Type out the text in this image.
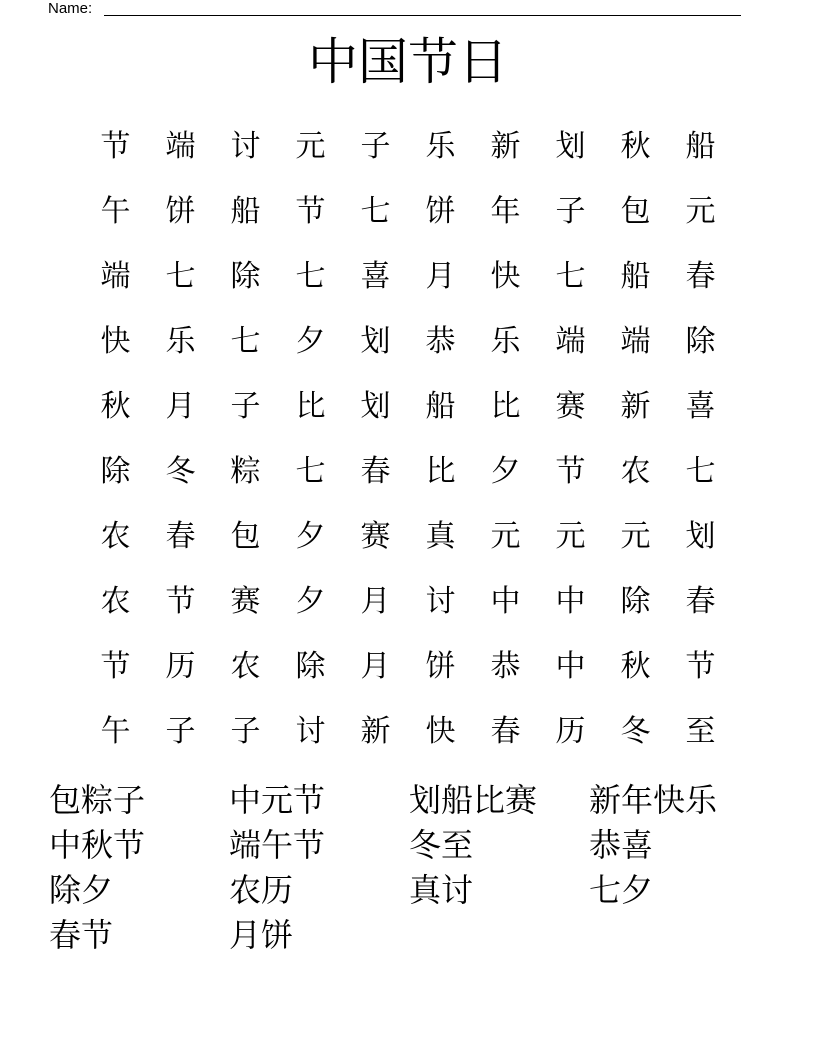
Name:
中国节日
节	端	讨	元	子	乐	新	划	秋	船
午	饼	船	节	七	饼	年	子	包	元
端	七	除	七	喜	月	快	七	船	春
快	乐	七	夕	划	恭	乐	端	端	除
秋	月	子	比	划	船	比	赛	新	喜
除	冬	粽	七	春	比	夕	节	农	七
农	春	包	夕	赛	真	元	元	元	划
农	节	赛	夕	月	讨	中	中	除	春
节	历	农	除	月	饼	恭	中	秋	节
午	子	子	讨	新	快	春	历	冬	至
包粽子	中元节	划船比赛	新年快乐
中秋节	端午节	冬至	恭喜
除夕	农历	真讨	七夕
春节	月饼
